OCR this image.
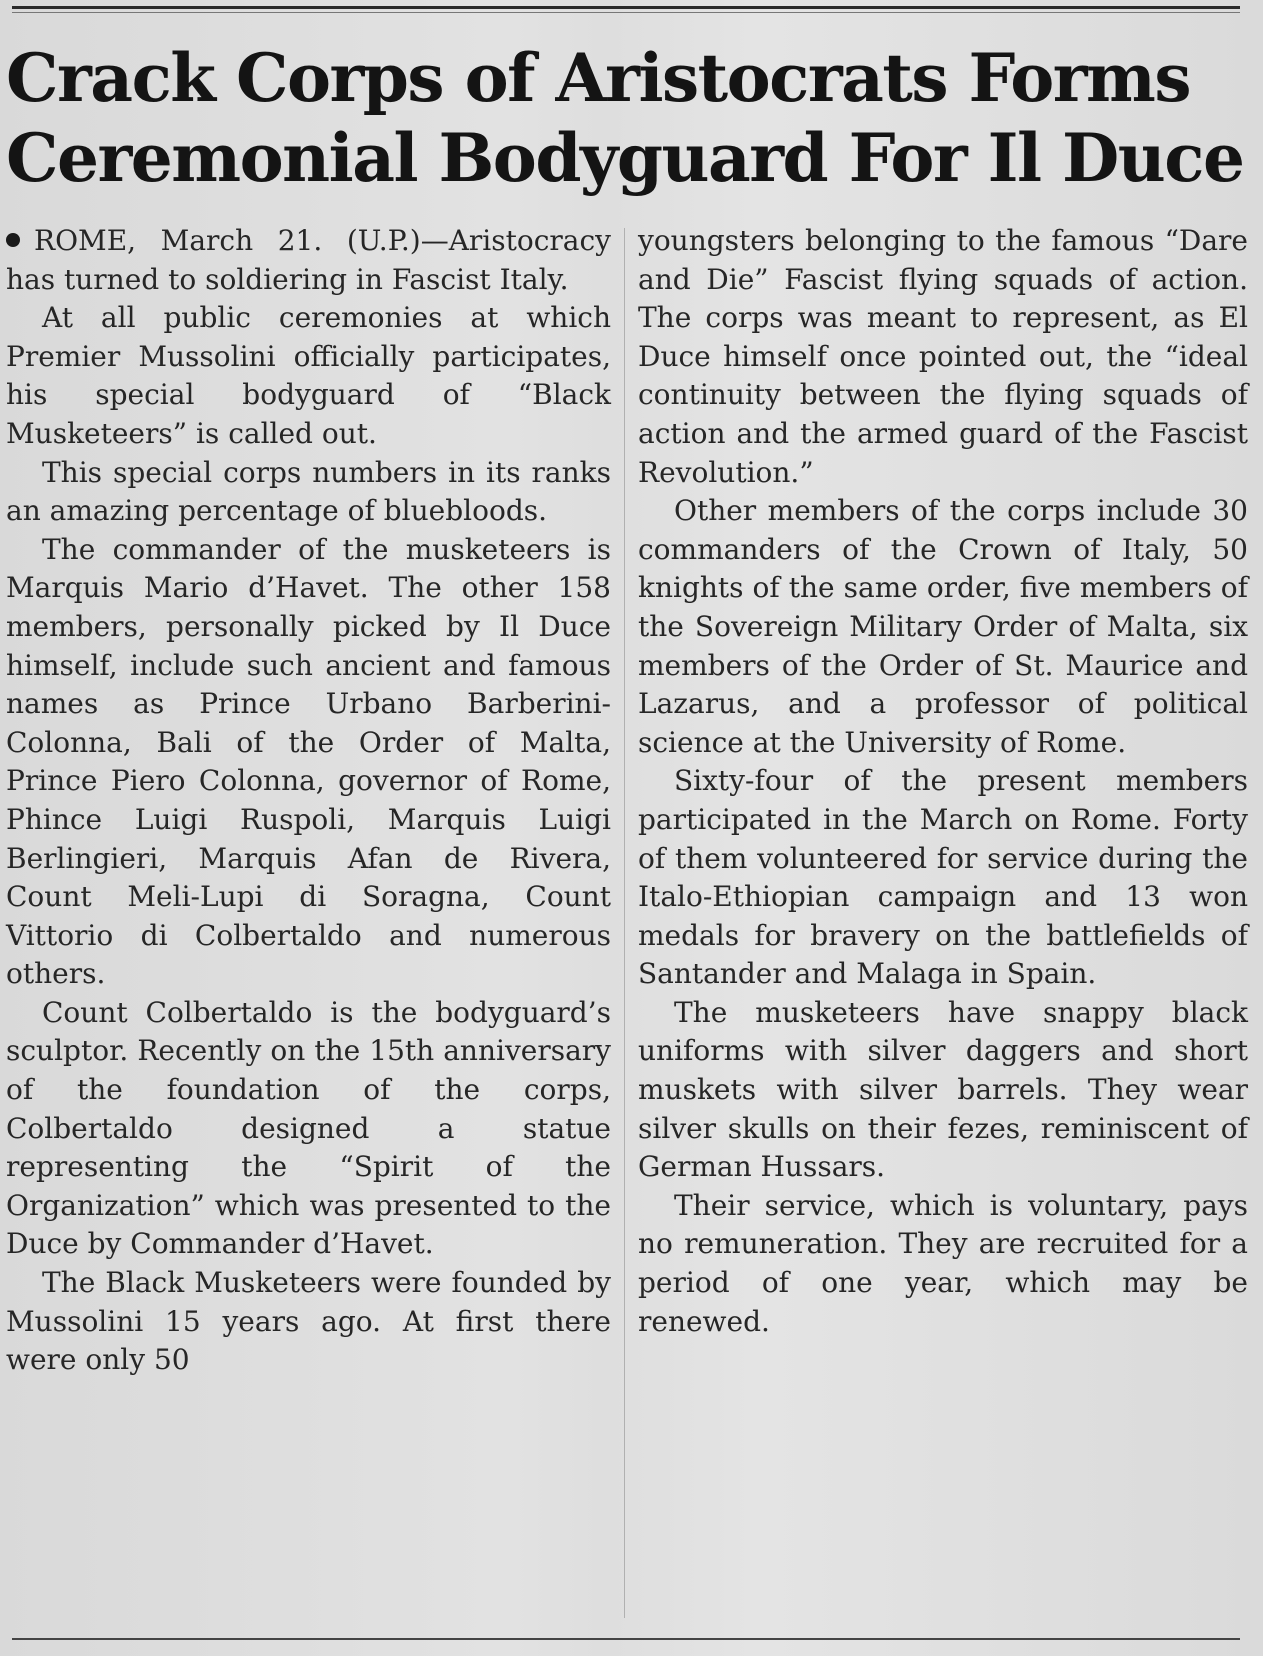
Crack Corps of Aristocrats Forms
Ceremonial Bodyguard For Il Duce

ROME, March 21. (U.P.)—Aristocracy has turned to soldiering in Fascist Italy.

At all public ceremonies at which Premier Mussolini officially participates, his special bodyguard of “Black Musketeers” is called out.

This special corps numbers in its ranks an amazing percentage of bluebloods.

The commander of the musketeers is Marquis Mario d’Havet. The other 158 members, personally picked by Il Duce himself, include such ancient and famous names as Prince Urbano Barberini-Colonna, Bali of the Order of Malta, Prince Piero Colonna, governor of Rome, Phince Luigi Ruspoli, Marquis Luigi Berlingieri, Marquis Afan de Rivera, Count Meli-Lupi di Soragna, Count Vittorio di Colbertaldo and numerous others.

Count Colbertaldo is the bodyguard’s sculptor. Recently on the 15th anniversary of the foundation of the corps, Colbertaldo designed a statue representing the “Spirit of the Organization” which was presented to the Duce by Commander d’Havet.

The Black Musketeers were founded by Mussolini 15 years ago. At first there were only 50

youngsters belonging to the famous “Dare and Die” Fascist flying squads of action. The corps was meant to represent, as El Duce himself once pointed out, the “ideal continuity between the flying squads of action and the armed guard of the Fascist Revolution.”

Other members of the corps include 30 commanders of the Crown of Italy, 50 knights of the same order, five members of the Sovereign Military Order of Malta, six members of the Order of St. Maurice and Lazarus, and a professor of political science at the University of Rome.

Sixty-four of the present members participated in the March on Rome. Forty of them volunteered for service during the Italo-Ethiopian campaign and 13 won medals for bravery on the battlefields of Santander and Malaga in Spain.

The musketeers have snappy black uniforms with silver daggers and short muskets with silver barrels. They wear silver skulls on their fezes, reminiscent of German Hussars.

Their service, which is voluntary, pays no remuneration. They are recruited for a period of one year, which may be renewed.
